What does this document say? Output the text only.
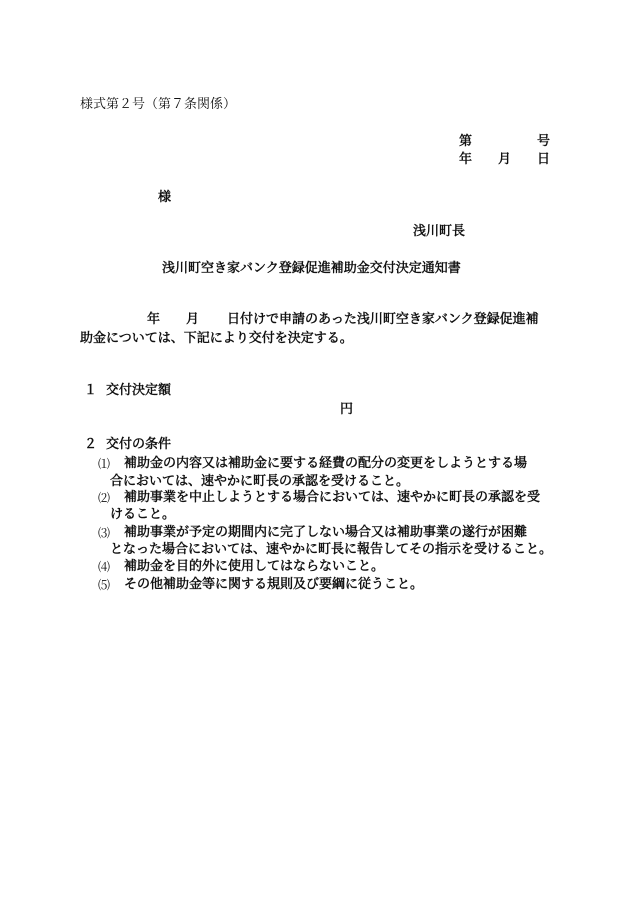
様式第２号（第７条関係）
第	号
年 月 日
様
浅川町長
浅川町空き家バンク登録促進補助金交付決定通知書
年 月 日付けで申請のあった浅川町空き家バンク登録促進補
助金については、下記により交付を決定する。
１ 交付決定額
円
２ 交付の条件
⑴ 補助金の内容又は補助金に要する経費の配分の変更をしようとする場
合においては、速やかに町長の承認を受けること。
⑵ 補助事業を中止しようとする場合においては、速やかに町長の承認を受
けること。
⑶ 補助事業が予定の期間内に完了しない場合又は補助事業の遂行が困難
となった場合においては、速やかに町長に報告してその指示を受けること。
⑷ 補助金を目的外に使用してはならないこと。
⑸ その他補助金等に関する規則及び要綱に従うこと。
